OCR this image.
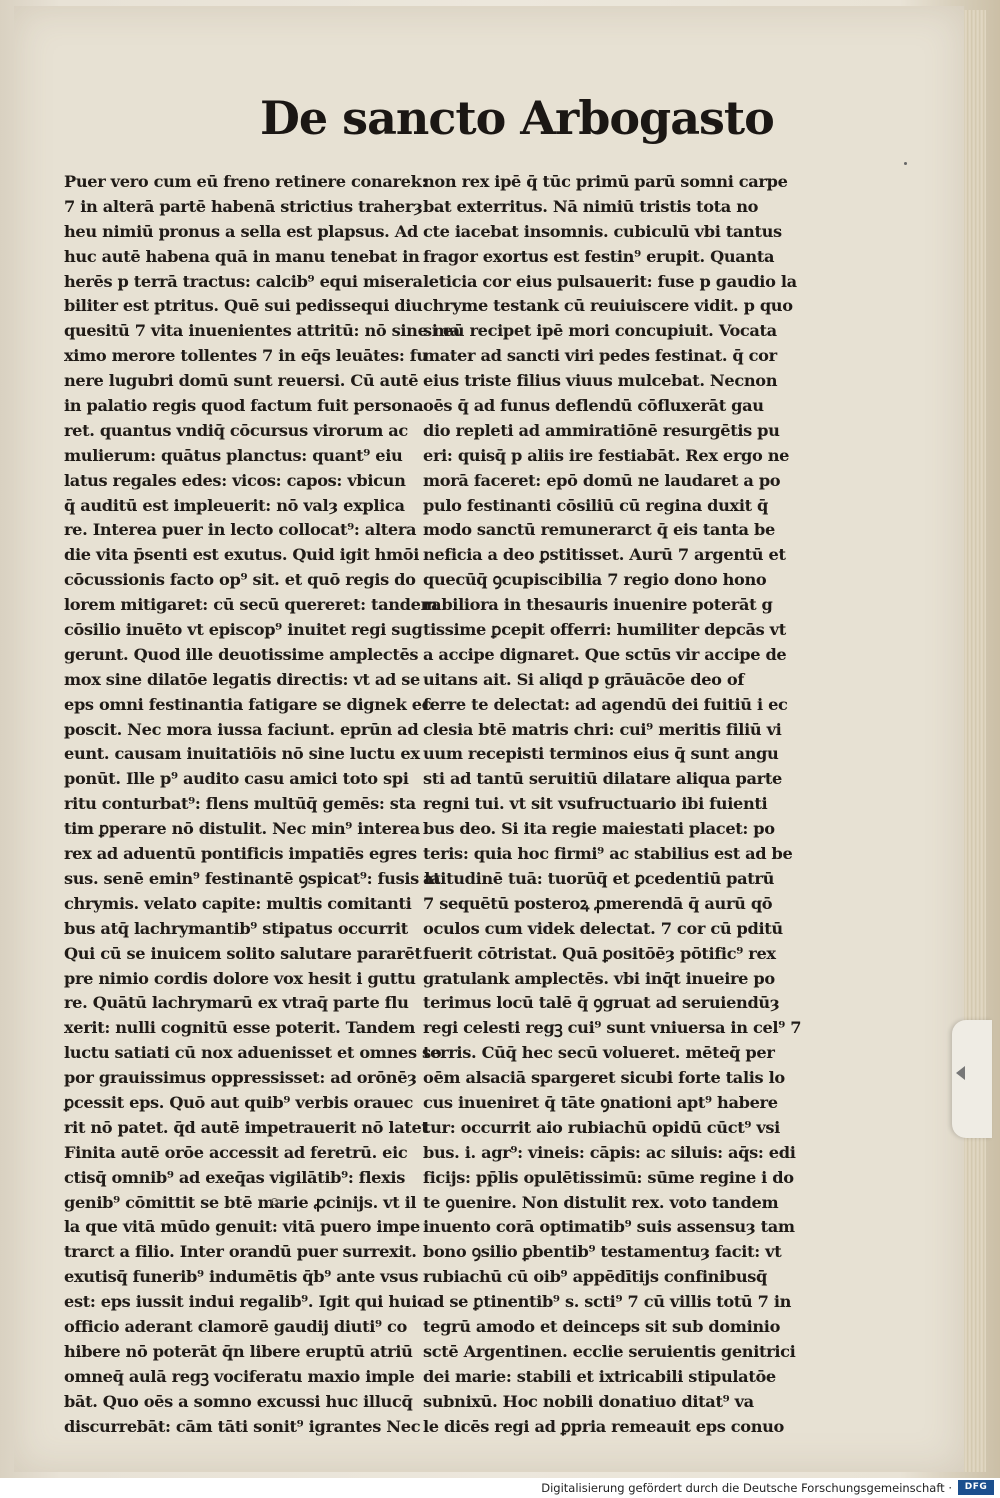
De sancto Arbogasto
Puer vero cum eū freno retinere conarek:
7 in alterā partē habenā strictius traherȝ
heu nimiū pronus a sella est plapsus. Ad
huc autē habena quā in manu tenebat in
herēs p terrā tractus: calcib⁹ equi misera
biliter est ptritus. Quē sui pedissequi diu
quesitū 7 vita inuenientes attritū: nō sine ma
ximo merore tollentes 7 in eq̄s leuātes: fu
nere lugubri domū sunt reuersi. Cū autē
in palatio regis quod factum fuit persona
ret. quantus vndiq̄ cōcursus virorum ac
mulierum: quātus planctus: quant⁹ eiu
latus regales edes: vicos: capos: vbicun
q̄ auditū est impleuerit: nō valȝ explica
re. Interea puer in lecto collocat⁹: altera
die vita p̄senti est exutus. Quid igit hmōi
cōcussionis facto op⁹ sit. et quō regis do
lorem mitigaret: cū secū quereret: tandem
cōsilio inuēto vt episcop⁹ inuitet regi sug
gerunt. Quod ille deuotissime amplectēs
mox sine dilatōe legatis directis: vt ad se
eps omni festinantia fatigare se dignek ec
poscit. Nec mora iussa faciunt. eprūn ad
eunt. causam inuitatiōis nō sine luctu ex
ponūt. Ille p⁹ audito casu amici toto spi
ritu conturbat⁹: flens multūq̄ gemēs: sta
tim ꝑperare nō distulit. Nec min⁹ interea
rex ad aduentū pontificis impatiēs egres
sus. senē emin⁹ festinantē ꝯspicat⁹: fusis la
chrymis. velato capite: multis comitanti
bus atq̄ lachrymantib⁹ stipatus occurrit
Qui cū se inuicem solito salutare pararēt
pre nimio cordis dolore vox hesit i guttu
re. Quātū lachrymarū ex vtraq̄ parte flu
xerit: nulli cognitū esse poterit. Tandem
luctu satiati cū nox aduenisset et omnes so
por grauissimus oppressisset: ad orōnēȝ
ꝑcessit eps. Quō aut quib⁹ verbis orauec
rit nō patet. q̄d autē impetrauerit nō latet
Finita autē orōe accessit ad feretrū. eic
ctisq̄ omnib⁹ ad exeq̄as vigilātib⁹: flexis
genib⁹ cōmittit se btē marie ꝓcinijs. vt il
la que vitā mūdo genuit: vitā puero impe
trarct a filio. Inter orandū puer surrexit.
exutisq̄ funerib⁹ indumētis q̄b⁹ ante vsus
est: eps iussit indui regalib⁹. Igit qui huic
officio aderant clamorē gaudij diuti⁹ co
hibere nō poterāt q̄n libere eruptū atriū
omneq̄ aulā regꝫ vociferatu maxio imple
bāt. Quo oēs a somno excussi huc illucq̄
discurrebāt: cām tāti sonit⁹ igrantes Nec
non rex ipē q̄ tūc primū parū somni carpe
bat exterritus. Nā nimiū tristis tota no
cte iacebat insomnis. cubiculū vbi tantus
fragor exortus est festin⁹ erupit. Quanta
leticia cor eius pulsauerit: fuse p gaudio la
chryme testank cū reuiuiscere vidit. p quo
si eū recipet ipē mori concupiuit. Vocata
mater ad sancti viri pedes festinat. q̄ cor
eius triste filius viuus mulcebat. Necnon
oēs q̄ ad funus deflendū cōfluxerāt gau
dio repleti ad ammiratiōnē resurgētis pu
eri: quisq̄ p aliis ire festiabāt. Rex ergo ne
morā faceret: epō domū ne laudaret a po
pulo festinanti cōsiliū cū regina duxit q̄
modo sanctū remunerarct q̄ eis tanta be
neficia a deo ꝑstitisset. Aurū 7 argentū et
quecūq̄ ꝯcupiscibilia 7 regio dono hono
rabiliora in thesauris inuenire poterāt g
tissime ꝑcepit offerri: humiliter depcās vt
a accipe dignaret. Que sctūs vir accipe de
uitans ait. Si aliqd p grāuācōe deo of
ferre te delectat: ad agendū dei fuitiū i ec
clesia btē matris chri: cui⁹ meritis filiū vi
uum recepisti terminos eius q̄ sunt angu
sti ad tantū seruitiū dilatare aliqua parte
regni tui. vt sit vsufructuario ibi fuienti
bus deo. Si ita regie maiestati placet: po
teris: quia hoc firmi⁹ ac stabilius est ad be
atitudinē tuā: tuorūq̄ et ꝑcedentiū patrū
7 sequētū posteroꝝ ꝓmerendā q̄ aurū qō
oculos cum videk delectat. 7 cor cū pditū
fuerit cōtristat. Quā ꝑositōēȝ pōtific⁹ rex
gratulank amplectēs. vbi inq̄t inueire po
terimus locū talē q̄ ꝯgruat ad seruiendūȝ
regi celesti regꝫ cui⁹ sunt vniuersa in cel⁹ 7
terris. Cūq̄ hec secū volueret. mēteq̄ per
oēm alsaciā spargeret sicubi forte talis lo
cus inueniret q̄ tāte ꝯnationi apt⁹ habere
tur: occurrit aio rubiachū opidū cūct⁹ vsi
bus. i. agr⁹: vineis: cāpis: ac siluis: aq̄s: edi
ficijs: pp̄lis opulētissimū: sūme regine i do
te ꝯuenire. Non distulit rex. voto tandem
inuento corā optimatib⁹ suis assensuȝ tam
bono ꝯsilio ꝑbentib⁹ testamentuȝ facit: vt
rubiachū cū oib⁹ appēdītijs confinibusq̄
ad se ꝑtinentib⁹ s. scti⁹ 7 cū villis totū 7 in
tegrū amodo et deinceps sit sub dominio
sctē Argentinen. ecclie seruientis genitrici
dei marie: stabili et ixtricabili stipulatōe
subnixū. Hoc nobili donatiuo ditat⁹ va
le dicēs regi ad ꝑpria remeauit eps conuo
Digitalisierung gefördert durch die Deutsche Forschungsgemeinschaft ·	DFG
